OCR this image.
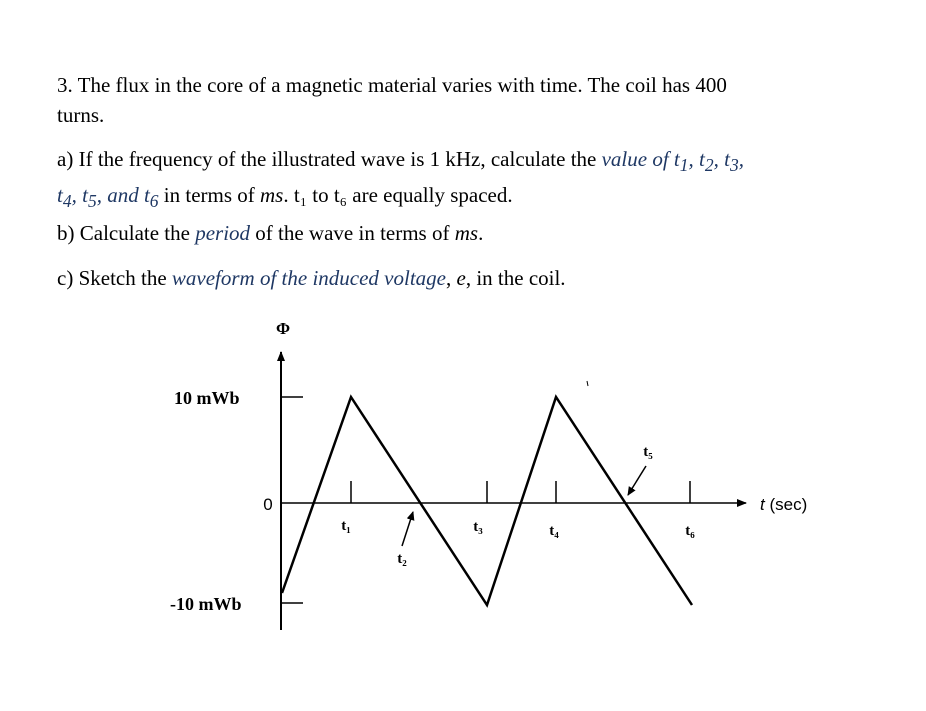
3. The flux in the core of a magnetic material varies with time. The coil has 400
turns.
a) If the frequency of the illustrated wave is 1 kHz, calculate the value of $t_1$, $t_2$, $t_3$,
$t_4$, $t_5$, and $t_6$ in terms of ms. t₁ to t₆ are equally spaced.
b) Calculate the period of the wave in terms of ms.
c) Sketch the waveform of the induced voltage, e, in the coil.
Φ
t (sec)
0
10 mWb
-10 mWb
t₁
t₂
t₃	t₄
t₅
t₆
